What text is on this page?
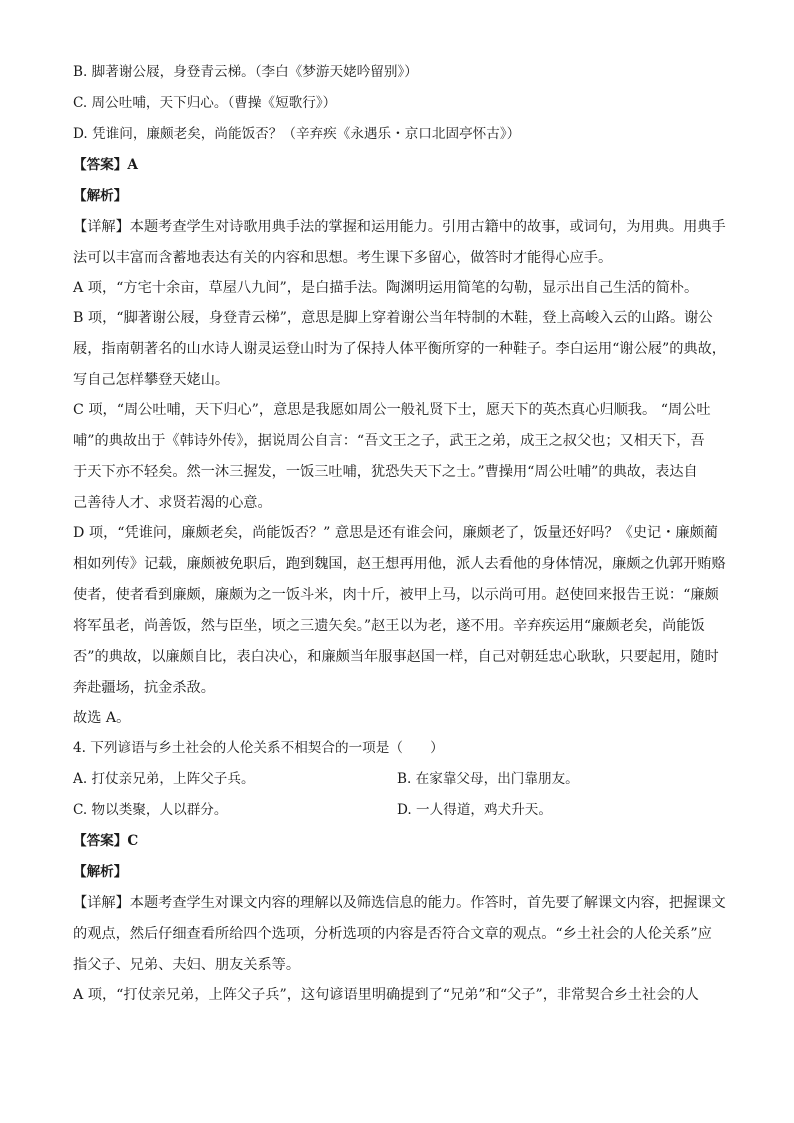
B. 脚著谢公屐，身登青云梯。（李白《梦游天姥吟留别》）

C. 周公吐哺，天下归心。（曹操《短歌行》）

D. 凭谁问，廉颇老矣，尚能饭否？（辛弃疾《永遇乐・京口北固亭怀古》）

【答案】A

【解析】

【详解】本题考查学生对诗歌用典手法的掌握和运用能力。引用古籍中的故事，或词句，为用典。用典手
法可以丰富而含蓄地表达有关的内容和思想。考生课下多留心，做答时才能得心应手。
A 项，“方宅十余亩，草屋八九间”，是白描手法。陶渊明运用简笔的勾勒，显示出自己生活的简朴。
B 项，“脚著谢公屐，身登青云梯”，意思是脚上穿着谢公当年特制的木鞋，登上高峻入云的山路。谢公
屐，指南朝著名的山水诗人谢灵运登山时为了保持人体平衡所穿的一种鞋子。李白运用“谢公屐”的典故，
写自己怎样攀登天姥山。
C 项，“周公吐哺，天下归心”，意思是我愿如周公一般礼贤下士，愿天下的英杰真心归顺我。 “周公吐
哺”的典故出于《韩诗外传》，据说周公自言：“吾文王之子，武王之弟，成王之叔父也；又相天下，吾
于天下亦不轻矣。然一沐三握发，一饭三吐哺，犹恐失天下之士。”曹操用“周公吐哺”的典故，表达自
己善待人才、求贤若渴的心意。
D 项，“凭谁问，廉颇老矣，尚能饭否？” 意思是还有谁会问，廉颇老了，饭量还好吗？《史记・廉颇蔺
相如列传》记载，廉颇被免职后，跑到魏国，赵王想再用他，派人去看他的身体情况，廉颇之仇郭开贿赂
使者，使者看到廉颇，廉颇为之一饭斗米，肉十斤，被甲上马，以示尚可用。赵使回来报告王说：“廉颇
将军虽老，尚善饭，然与臣坐，顷之三遗矢矣。”赵王以为老，遂不用。辛弃疾运用“廉颇老矣，尚能饭
否”的典故，以廉颇自比，表白决心，和廉颇当年服事赵国一样，自己对朝廷忠心耿耿，只要起用，随时
奔赴疆场，抗金杀敌。
故选 A。

4. 下列谚语与乡土社会的人伦关系不相契合的一项是（　　）

A. 打仗亲兄弟，上阵父子兵。	B. 在家靠父母，出门靠朋友。
C. 物以类聚，人以群分。	D. 一人得道，鸡犬升天。

【答案】C

【解析】

【详解】本题考查学生对课文内容的理解以及筛选信息的能力。作答时，首先要了解课文内容，把握课文
的观点，然后仔细查看所给四个选项，分析选项的内容是否符合文章的观点。“乡土社会的人伦关系”应
指父子、兄弟、夫妇、朋友关系等。
A 项，“打仗亲兄弟，上阵父子兵”，这句谚语里明确提到了“兄弟”和“父子”，非常契合乡土社会的人
